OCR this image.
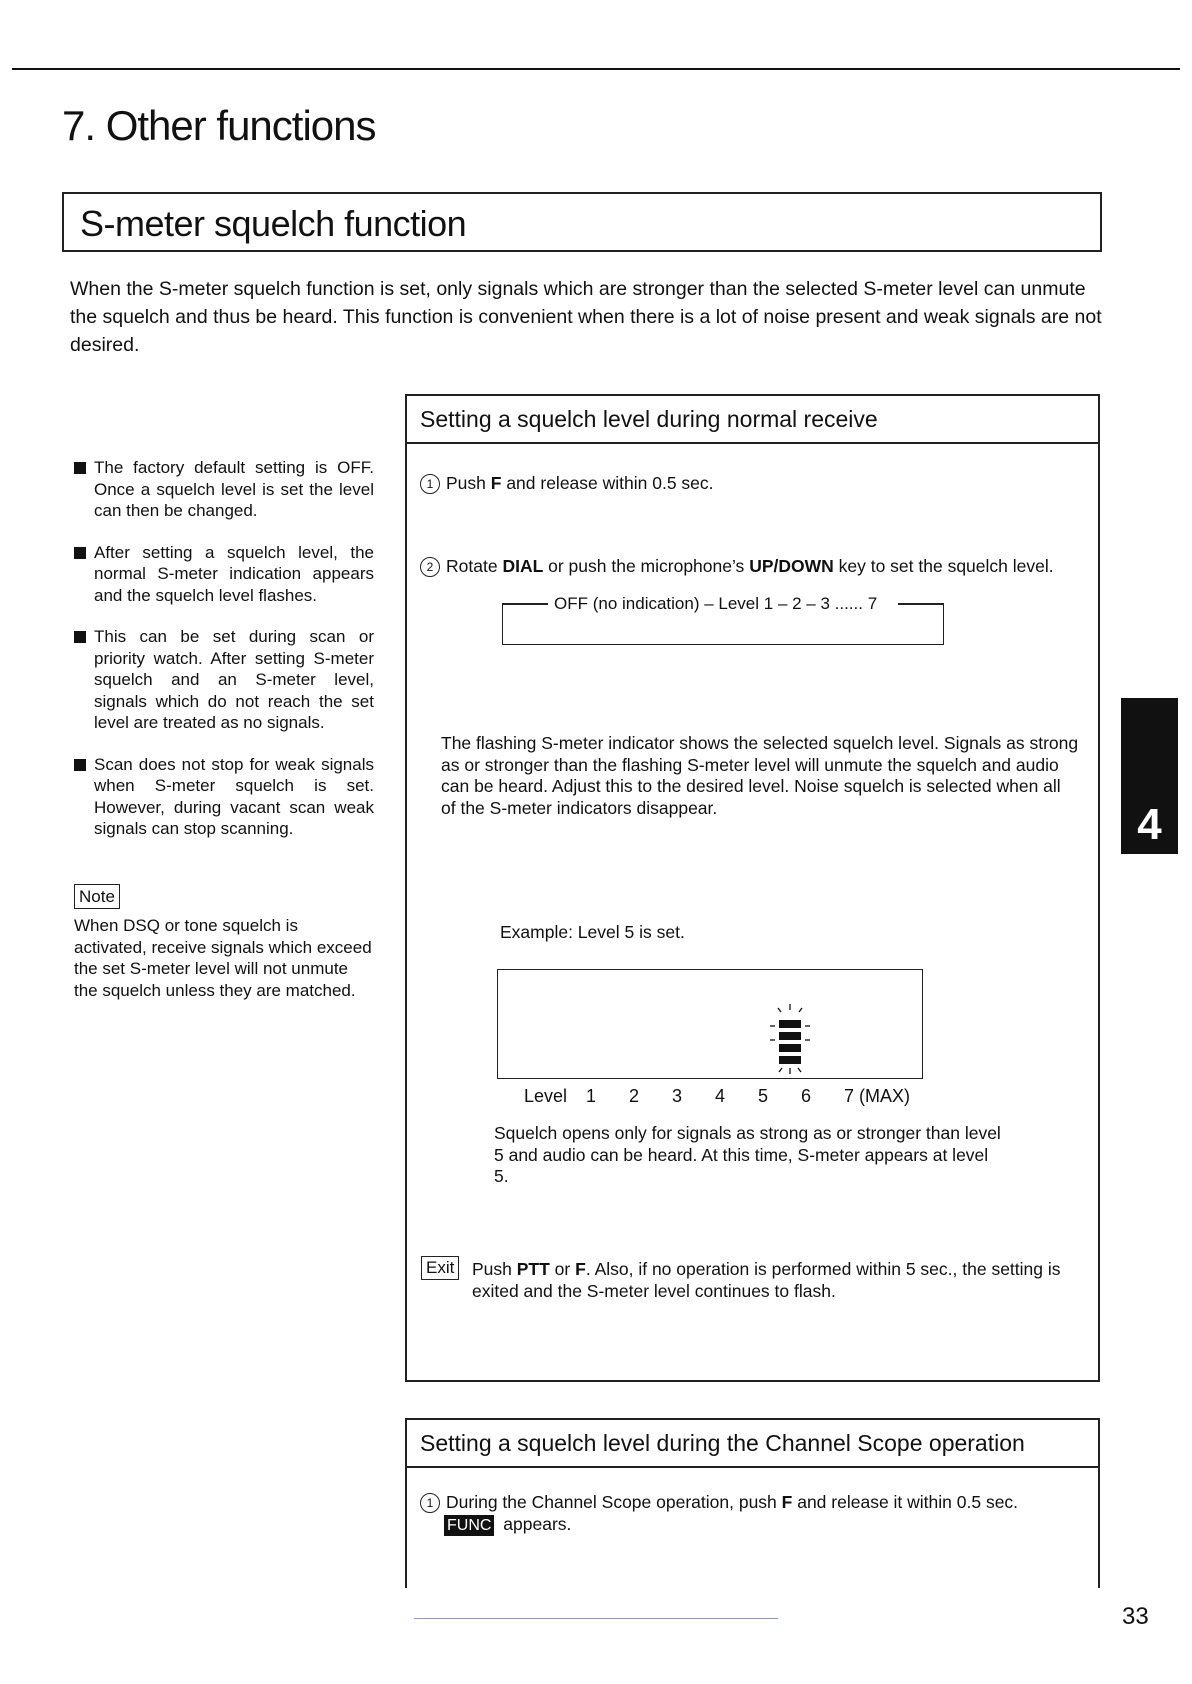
7. Other functions
S-meter squelch function
When the S-meter squelch function is set, only signals which are stronger than the selected S-meter level can unmute the squelch and thus be heard. This function is convenient when there is a lot of noise present and weak signals are not desired.
The factory default setting is OFF. Once a squelch level is set the level can then be changed.
After setting a squelch level, the normal S-meter indication appears and the squelch level flashes.
This can be set during scan or priority watch. After setting S-meter squelch and an S-meter level, signals which do not reach the set level are treated as no signals.
Scan does not stop for weak signals when S-meter squelch is set. However, during vacant scan weak signals can stop scanning.
Note
When DSQ or tone squelch is activated, receive signals which exceed the set S-meter level will not unmute the squelch unless they are matched.
Setting a squelch level during normal receive
1 Push F and release within 0.5 sec.
2 Rotate DIAL or push the microphone’s UP/DOWN key to set the squelch level.
OFF (no indication) – Level 1 – 2 – 3 ...... 7
The flashing S-meter indicator shows the selected squelch level. Signals as strong as or stronger than the flashing S-meter level will unmute the squelch and audio can be heard. Adjust this to the desired level. Noise squelch is selected when all of the S-meter indicators disappear.
Example: Level 5 is set.
Level 1 2 3 4 5 6 7 (MAX)
Squelch opens only for signals as strong as or stronger than level 5 and audio can be heard. At this time, S-meter appears at level 5.
Exit Push PTT or F. Also, if no operation is performed within 5 sec., the setting is exited and the S-meter level continues to flash.
Setting a squelch level during the Channel Scope operation
1 During the Channel Scope operation, push F and release it within 0.5 sec.
FUNC appears.
4
33
